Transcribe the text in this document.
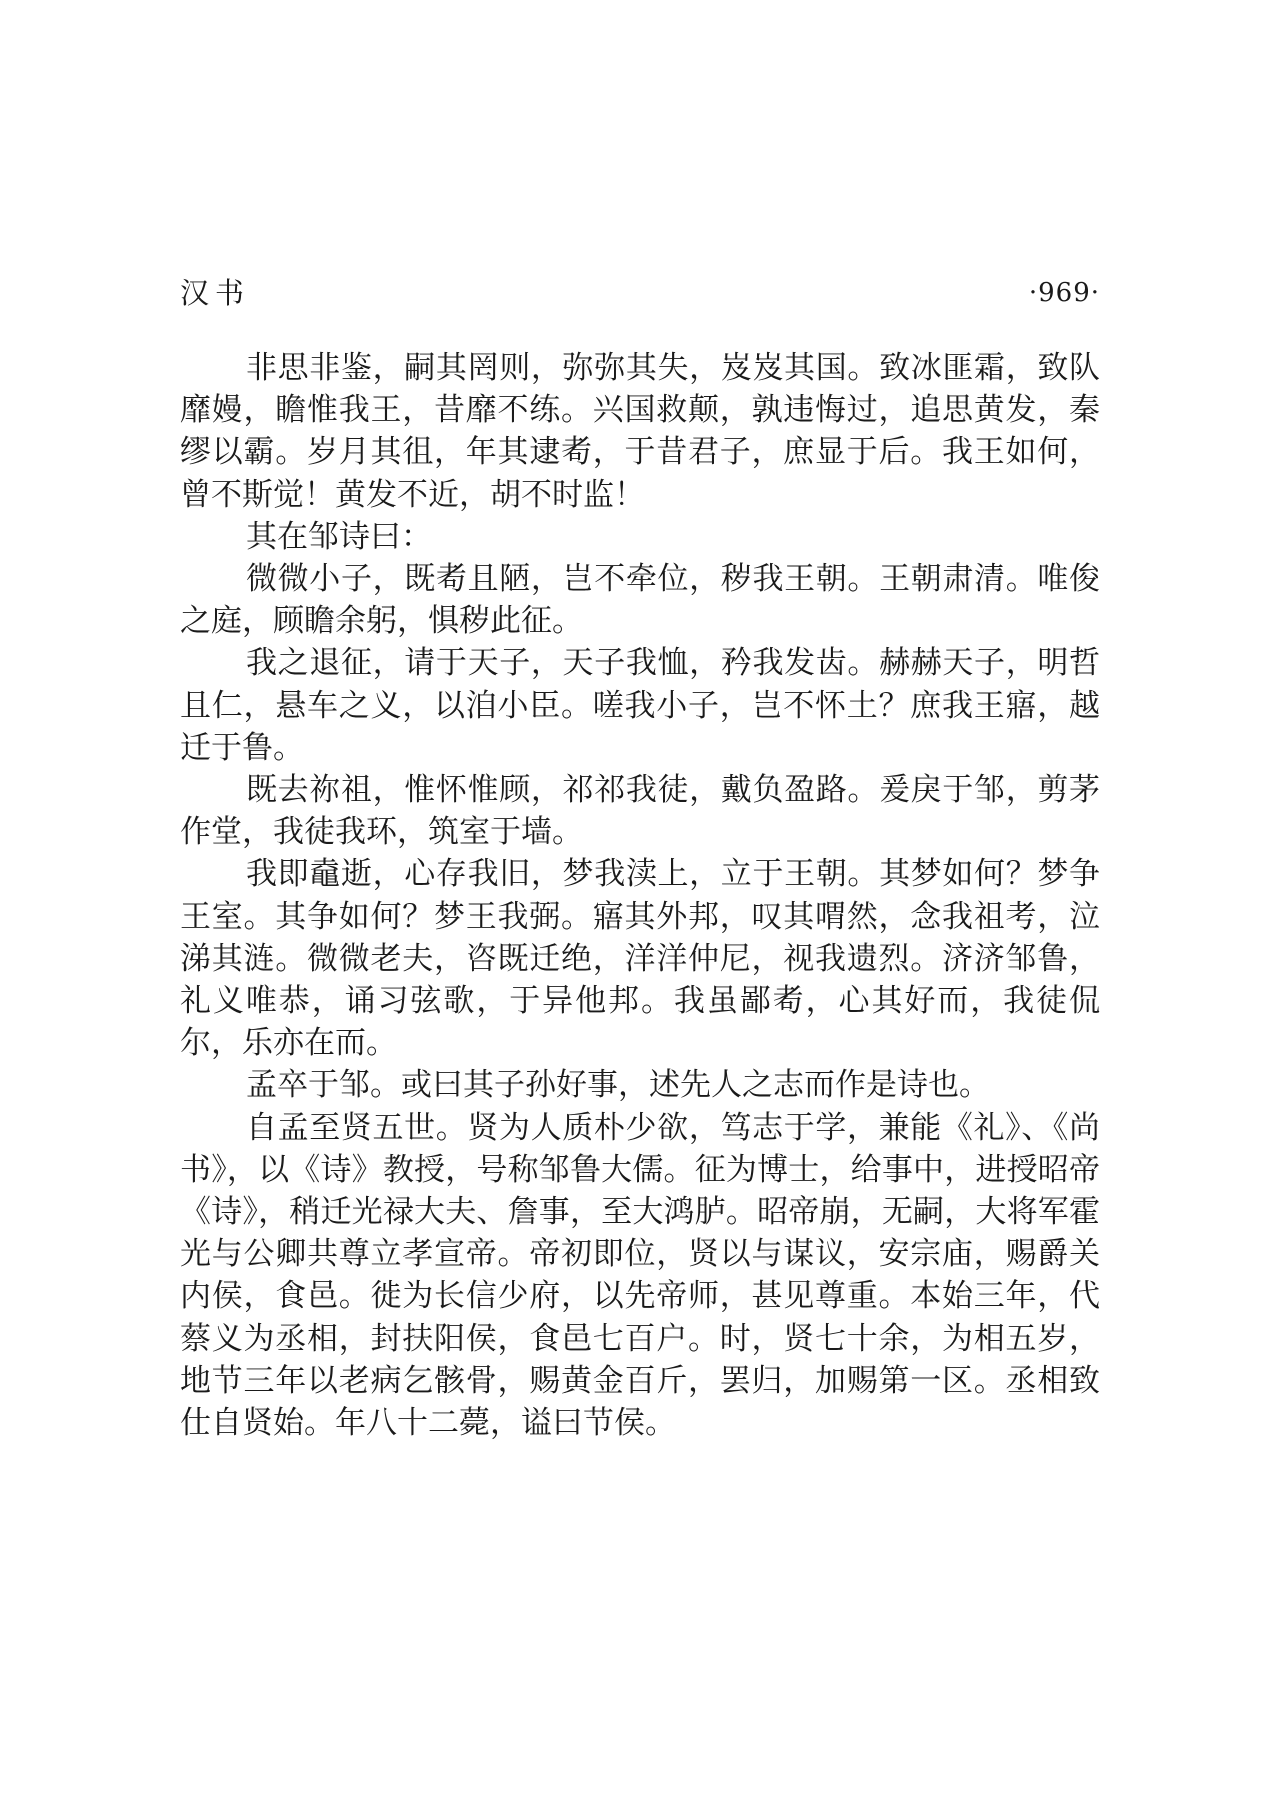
汉书	·969·

非思非鉴，嗣其罔则，弥弥其失，岌岌其国。致冰匪霜，致队靡嫚，瞻惟我王，昔靡不练。兴国救颠，孰违悔过，追思黄发，秦缪以霸。岁月其徂，年其逮耇，于昔君子，庶显于后。我王如何，曾不斯觉！黄发不近，胡不时监！

其在邹诗曰：

微微小子，既耇且陋，岂不牵位，秽我王朝。王朝肃清。唯俊之庭，顾瞻余躬，惧秽此征。

我之退征，请于天子，天子我恤，矜我发齿。赫赫天子，明哲且仁，悬车之义，以洎小臣。嗟我小子，岂不怀土？庶我王寤，越迁于鲁。

既去祢祖，惟怀惟顾，祁祁我徒，戴负盈路。爰戾于邹，剪茅作堂，我徒我环，筑室于墙。

我即鼀逝，心存我旧，梦我渎上，立于王朝。其梦如何？梦争王室。其争如何？梦王我弼。寤其外邦，叹其喟然，念我祖考，泣涕其涟。微微老夫，咨既迁绝，洋洋仲尼，视我遗烈。济济邹鲁，礼义唯恭，诵习弦歌，于异他邦。我虽鄙耇，心其好而，我徒侃尔，乐亦在而。

孟卒于邹。或曰其子孙好事，述先人之志而作是诗也。

自孟至贤五世。贤为人质朴少欲，笃志于学，兼能《礼》、《尚书》，以《诗》教授，号称邹鲁大儒。征为博士，给事中，进授昭帝《诗》，稍迁光禄大夫、詹事，至大鸿胪。昭帝崩，无嗣，大将军霍光与公卿共尊立孝宣帝。帝初即位，贤以与谋议，安宗庙，赐爵关内侯，食邑。徙为长信少府，以先帝师，甚见尊重。本始三年，代蔡义为丞相，封扶阳侯，食邑七百户。时，贤七十余，为相五岁，地节三年以老病乞骸骨，赐黄金百斤，罢归，加赐第一区。丞相致仕自贤始。年八十二薨，谥曰节侯。
